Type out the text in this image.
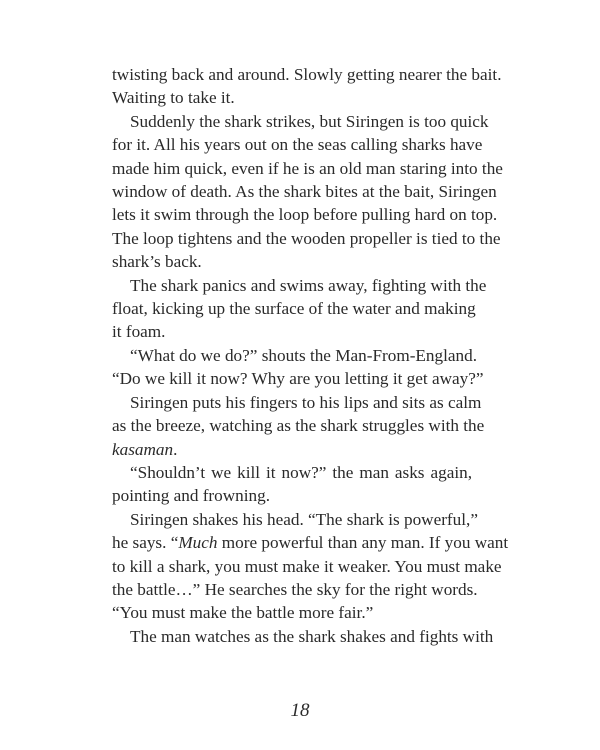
twisting back and around. Slowly getting nearer the bait.
Waiting to take it.

Suddenly the shark strikes, but Siringen is too quick
for it. All his years out on the seas calling sharks have
made him quick, even if he is an old man staring into the
window of death. As the shark bites at the bait, Siringen
lets it swim through the loop before pulling hard on top.
The loop tightens and the wooden propeller is tied to the
shark’s back.

The shark panics and swims away, fighting with the
float, kicking up the surface of the water and making
it foam.

“What do we do?” shouts the Man-From-England.
“Do we kill it now? Why are you letting it get away?”

Siringen puts his fingers to his lips and sits as calm
as the breeze, watching as the shark struggles with the
kasaman.

“Shouldn’t we kill it now?” the man asks again,
pointing and frowning.

Siringen shakes his head. “The shark is powerful,”
he says. “Much more powerful than any man. If you want
to kill a shark, you must make it weaker. You must make
the battle…” He searches the sky for the right words.
“You must make the battle more fair.”

The man watches as the shark shakes and fights with

18
